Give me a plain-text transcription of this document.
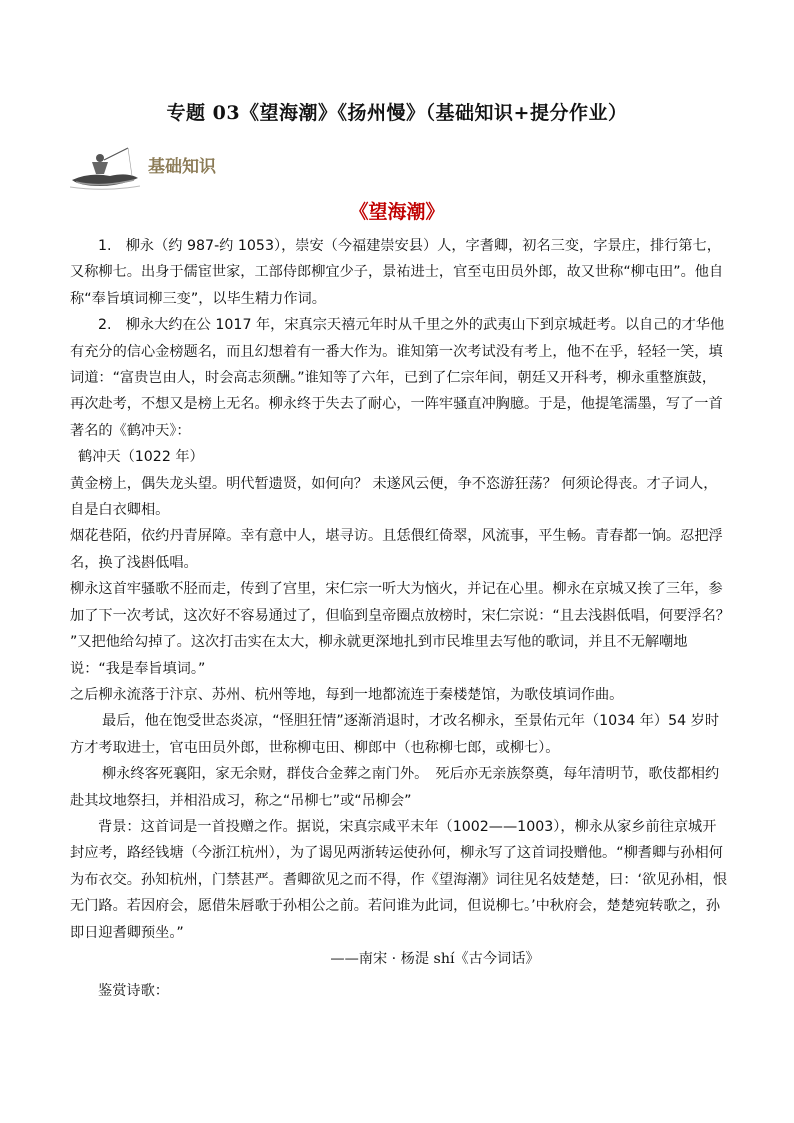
专题 03《望海潮》《扬州慢》（基础知识+提分作业）
基础知识
《望海潮》

1.　柳永（约 987-约 1053），崇安（今福建崇安县）人，字耆卿，初名三变，字景庄，排行第七，又称柳七。出身于儒宦世家，工部侍郎柳宜少子，景祐进士，官至屯田员外郎，故又世称“柳屯田”。他自称“奉旨填词柳三变”，以毕生精力作词。

2.　柳永大约在公 1017 年，宋真宗天禧元年时从千里之外的武夷山下到京城赶考。以自己的才华他有充分的信心金榜题名，而且幻想着有一番大作为。谁知第一次考试没有考上，他不在乎，轻轻一笑，填词道：“富贵岂由人，时会高志须酬。”谁知等了六年，已到了仁宗年间，朝廷又开科考，柳永重整旗鼓，再次赴考，不想又是榜上无名。柳永终于失去了耐心，一阵牢骚直冲胸臆。于是，他提笔濡墨，写了一首著名的《鹤冲天》：

鹤冲天（1022 年）

黄金榜上，偶失龙头望。明代暂遗贤，如何向？ 未遂风云便，争不恣游狂荡？ 何须论得丧。才子词人，自是白衣卿相。

烟花巷陌，依约丹青屏障。幸有意中人，堪寻访。且恁偎红倚翠，风流事，平生畅。青春都一饷。忍把浮名，换了浅斟低唱。

柳永这首牢骚歌不胫而走，传到了宫里，宋仁宗一听大为恼火，并记在心里。柳永在京城又挨了三年，参加了下一次考试，这次好不容易通过了，但临到皇帝圈点放榜时，宋仁宗说：“且去浅斟低唱，何要浮名？ ”又把他给勾掉了。这次打击实在太大，柳永就更深地扎到市民堆里去写他的歌词，并且不无解嘲地说：“我是奉旨填词。”

之后柳永流落于汴京、苏州、杭州等地，每到一地都流连于秦楼楚馆，为歌伎填词作曲。

最后，他在饱受世态炎凉，“怪胆狂情”逐渐消退时，才改名柳永，至景佑元年（1034 年）54 岁时方才考取进士，官屯田员外郎，世称柳屯田、柳郎中（也称柳七郎，或柳七）。

柳永终客死襄阳，家无余财，群伎合金葬之南门外。　死后亦无亲族祭奠，每年清明节，歌伎都相约赴其坟地祭扫，并相沿成习，称之“吊柳七”或“吊柳会”

背景：这首词是一首投赠之作。据说，宋真宗咸平末年（1002——1003），柳永从家乡前往京城开封应考，路经钱塘（今浙江杭州），为了谒见两浙转运使孙何，柳永写了这首词投赠他。“柳耆卿与孙相何为布衣交。孙知杭州，门禁甚严。耆卿欲见之而不得，作《望海潮》词往见名妓楚楚，曰：‘欲见孙相，恨无门路。若因府会，愿借朱唇歌于孙相公之前。若问谁为此词，但说柳七。’中秋府会，楚楚宛转歌之，孙即日迎耆卿预坐。”

——南宋 · 杨湜 shí《古今词话》

鉴赏诗歌：
